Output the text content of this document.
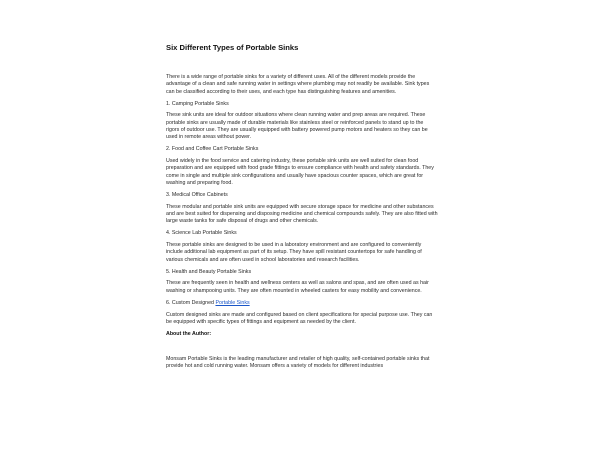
Six Different Types of Portable Sinks

There is a wide range of portable sinks for a variety of different uses. All of the different models provide the advantage of a clean and safe running water in settings where plumbing may not readily be available. Sink types can be classified according to their uses, and each type has distinguishing features and amenities.

1. Camping Portable Sinks

These sink units are ideal for outdoor situations where clean running water and prep areas are required. These portable sinks are usually made of durable materials like stainless steel or reinforced panels to stand up to the rigors of outdoor use. They are usually equipped with battery powered pump motors and heaters so they can be used in remote areas without power.

2. Food and Coffee Cart Portable Sinks

Used widely in the food service and catering industry, these portable sink units are well suited for clean food preparation and are equipped with food grade fittings to ensure compliance with health and safety standards. They come in single and multiple sink configurations and usually have spacious counter spaces, which are great for washing and preparing food.

3. Medical Office Cabinets

These modular and portable sink units are equipped with secure storage space for medicine and other substances and are best suited for dispensing and disposing medicine and chemical compounds safely. They are also fitted with large waste tanks for safe disposal of drugs and other chemicals.

4. Science Lab Portable Sinks

These portable sinks are designed to be used in a laboratory environment and are configured to conveniently include additional lab equipment as part of its setup. They have spill resistant countertops for safe handling of various chemicals and are often used in school laboratories and research facilities.

5. Health and Beauty Portable Sinks

These are frequently seen in health and wellness centers as well as salons and spas, and are often used as hair washing or shampooing units. They are often mounted in wheeled casters for easy mobility and convenience.

6. Custom Designed Portable Sinks

Custom designed sinks are made and configured based on client specifications for special purpose use. They can be equipped with specific types of fittings and equipment as needed by the client.

About the Author:

Monsam Portable Sinks is the leading manufacturer and retailer of high quality, self-contained portable sinks that provide hot and cold running water. Monsam offers a variety of models for different industries
